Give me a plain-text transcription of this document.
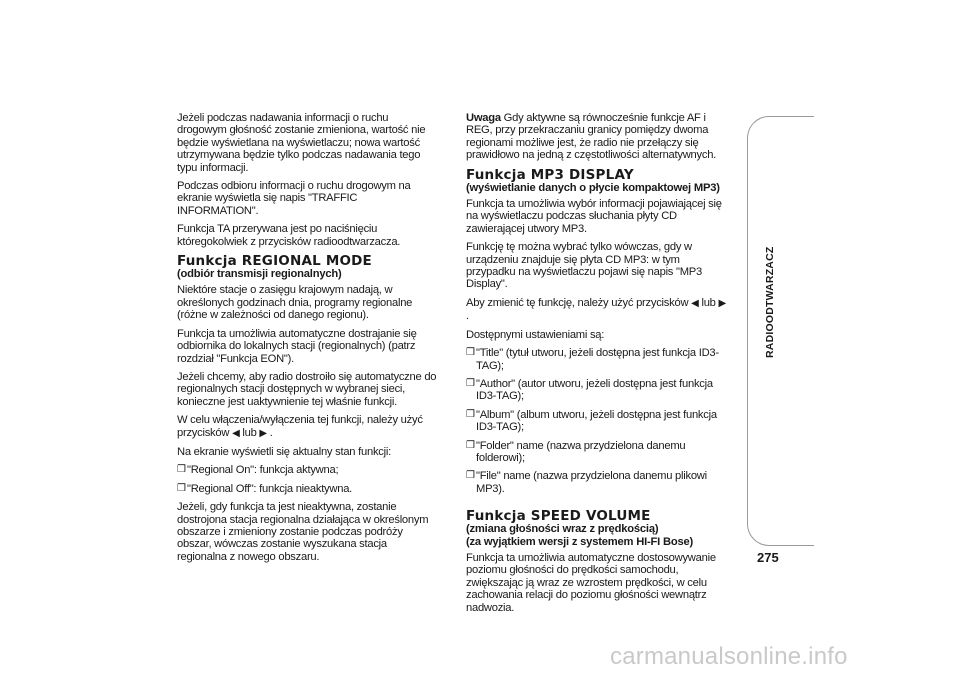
Jeżeli podczas nadawania informacji o ruchu drogowym głośność zostanie zmieniona, wartość nie będzie wyświetlana na wyświetlaczu; nowa wartość utrzymywana będzie tylko podczas nadawania tego typu informacji.

Podczas odbioru informacji o ruchu drogowym na ekranie wyświetla się napis "TRAFFIC INFORMATION".

Funkcja TA przerywana jest po naciśnięciu któregokolwiek z przycisków radioodtwarzacza.

Funkcja REGIONAL MODE
(odbiór transmisji regionalnych)

Niektóre stacje o zasięgu krajowym nadają, w określonych godzinach dnia, programy regionalne (różne w zależności od danego regionu).

Funkcja ta umożliwia automatyczne dostrajanie się odbiornika do lokalnych stacji (regionalnych) (patrz rozdział "Funkcja EON").

Jeżeli chcemy, aby radio dostroiło się automatyczne do regionalnych stacji dostępnych w wybranej sieci, konieczne jest uaktywnienie tej właśnie funkcji.

W celu włączenia/wyłączenia tej funkcji, należy użyć przycisków ◀ lub ▶ .

Na ekranie wyświetli się aktualny stan funkcji:

❒ "Regional On": funkcja aktywna;

❒ "Regional Off": funkcja nieaktywna.

Jeżeli, gdy funkcja ta jest nieaktywna, zostanie dostrojona stacja regionalna działająca w określonym obszarze i zmieniony zostanie podczas podróży obszar, wówczas zostanie wyszukana stacja regionalna z nowego obszaru.

Uwaga Gdy aktywne są równocześnie funkcje AF i REG, przy przekraczaniu granicy pomiędzy dwoma regionami możliwe jest, że radio nie przełączy się prawidłowo na jedną z częstotliwości alternatywnych.

Funkcja MP3 DISPLAY
(wyświetlanie danych o płycie kompaktowej MP3)

Funkcja ta umożliwia wybór informacji pojawiającej się na wyświetlaczu podczas słuchania płyty CD zawierającej utwory MP3.

Funkcję tę można wybrać tylko wówczas, gdy w urządzeniu znajduje się płyta CD MP3: w tym przypadku na wyświetlaczu pojawi się napis "MP3 Display".

Aby zmienić tę funkcję, należy użyć przycisków ◀ lub ▶ .

Dostępnymi ustawieniami są:

❒ "Title" (tytuł utworu, jeżeli dostępna jest funkcja ID3-TAG);

❒ "Author" (autor utworu, jeżeli dostępna jest funkcja ID3-TAG);

❒ "Album" (album utworu, jeżeli dostępna jest funkcja ID3-TAG);

❒ "Folder" name (nazwa przydzielona danemu folderowi);

❒ "File" name (nazwa przydzielona danemu plikowi MP3).

Funkcja SPEED VOLUME
(zmiana głośności wraz z prędkością)
(za wyjątkiem wersji z systemem HI-FI Bose)

Funkcja ta umożliwia automatyczne dostosowywanie poziomu głośności do prędkości samochodu, zwiększając ją wraz ze wzrostem prędkości, w celu zachowania relacji do poziomu głośności wewnątrz nadwozia.

RADIOODTWARZACZ
275
carmanualsonline.info
